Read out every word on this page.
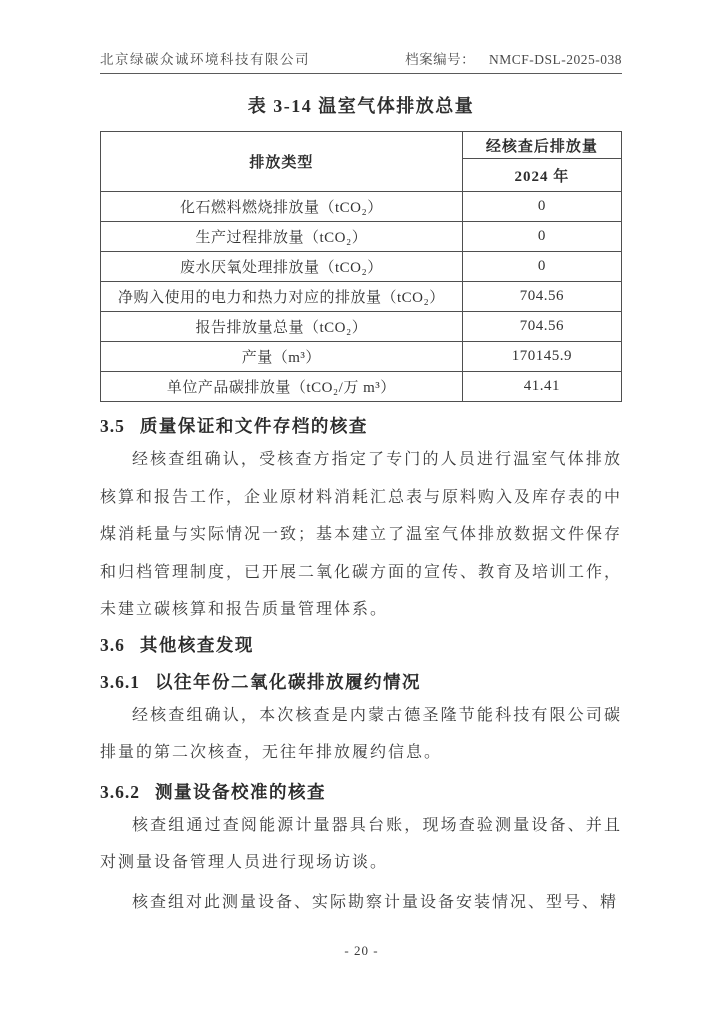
北京绿碳众诚环境科技有限公司	档案编号： NMCF-DSL-2025-038
表 3-14 温室气体排放总量
排放类型	经核查后排放量
	2024 年
化石燃料燃烧排放量（tCO₂）	0
生产过程排放量（tCO₂）	0
废水厌氧处理排放量（tCO₂）	0
净购入使用的电力和热力对应的排放量（tCO₂）	704.56
报告排放量总量（tCO₂）	704.56
产量（m³）	170145.9
单位产品碳排放量（tCO₂/万 m³）	41.41
3.5 质量保证和文件存档的核查

经核查组确认，受核查方指定了专门的人员进行温室气体排放核算和报告工作，企业原材料消耗汇总表与原料购入及库存表的中煤消耗量与实际情况一致；基本建立了温室气体排放数据文件保存和归档管理制度，已开展二氧化碳方面的宣传、教育及培训工作，未建立碳核算和报告质量管理体系。

3.6 其他核查发现
3.6.1 以往年份二氧化碳排放履约情况

经核查组确认，本次核查是内蒙古德圣隆节能科技有限公司碳排量的第二次核查，无往年排放履约信息。

3.6.2 测量设备校准的核查

核查组通过查阅能源计量器具台账，现场查验测量设备、并且对测量设备管理人员进行现场访谈。

核查组对此测量设备、实际勘察计量设备安装情况、型号、精

- 20 -
